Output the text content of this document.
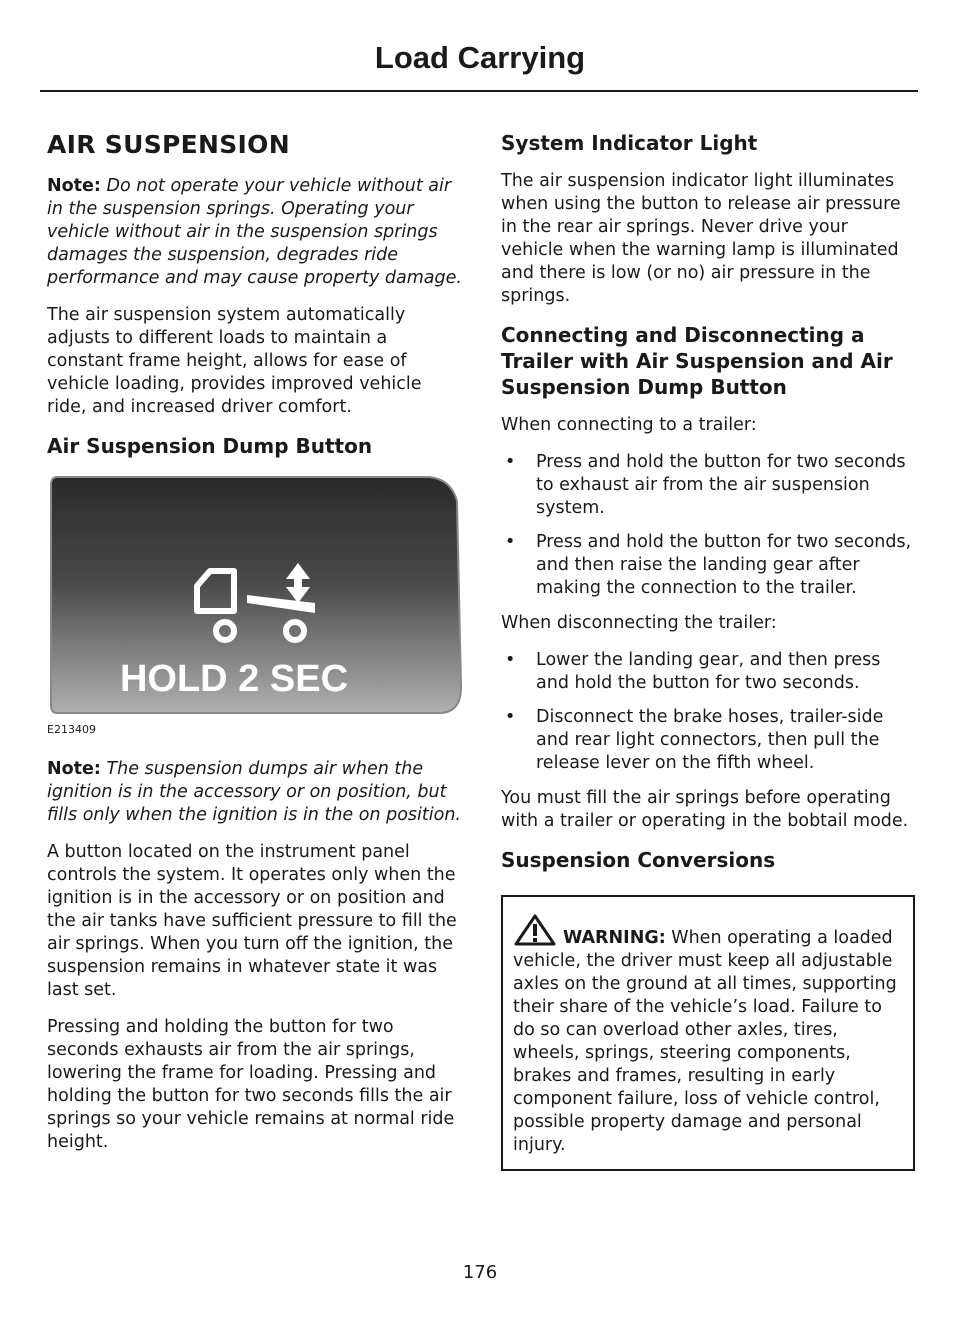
Load Carrying
AIR SUSPENSION

Note: Do not operate your vehicle without air in the suspension springs. Operating your vehicle without air in the suspension springs damages the suspension, degrades ride performance and may cause property damage.

The air suspension system automatically adjusts to different loads to maintain a constant frame height, allows for ease of vehicle loading, provides improved vehicle ride, and increased driver comfort.

Air Suspension Dump Button
HOLD 2 SEC
E213409

Note: The suspension dumps air when the ignition is in the accessory or on position, but fills only when the ignition is in the on position.

A button located on the instrument panel controls the system. It operates only when the ignition is in the accessory or on position and the air tanks have sufficient pressure to fill the air springs. When you turn off the ignition, the suspension remains in whatever state it was last set.

Pressing and holding the button for two seconds exhausts air from the air springs, lowering the frame for loading. Pressing and holding the button for two seconds fills the air springs so your vehicle remains at normal ride height.

System Indicator Light

The air suspension indicator light illuminates when using the button to release air pressure in the rear air springs. Never drive your vehicle when the warning lamp is illuminated and there is low (or no) air pressure in the springs.

Connecting and Disconnecting a Trailer with Air Suspension and Air Suspension Dump Button

When connecting to a trailer:

• Press and hold the button for two seconds to exhaust air from the air suspension system.
• Press and hold the button for two seconds, and then raise the landing gear after making the connection to the trailer.

When disconnecting the trailer:

• Lower the landing gear, and then press and hold the button for two seconds.
• Disconnect the brake hoses, trailer-side and rear light connectors, then pull the release lever on the fifth wheel.

You must fill the air springs before operating with a trailer or operating in the bobtail mode.

Suspension Conversions
WARNING: When operating a loaded vehicle, the driver must keep all adjustable axles on the ground at all times, supporting their share of the vehicle’s load. Failure to do so can overload other axles, tires, wheels, springs, steering components, brakes and frames, resulting in early component failure, loss of vehicle control, possible property damage and personal injury.
176
